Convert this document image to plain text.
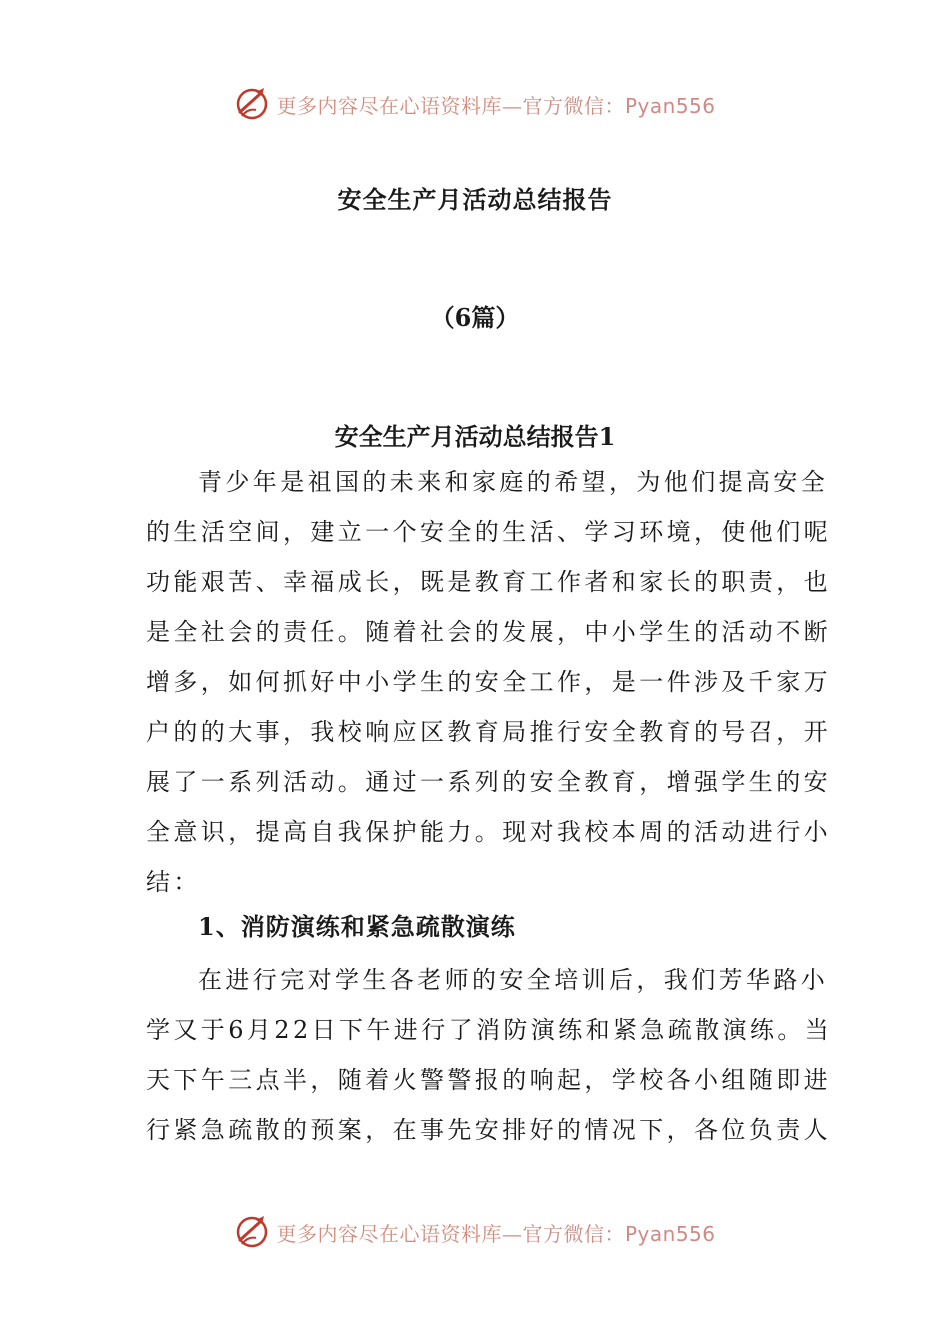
更多内容尽在心语资料库—官方微信：Pyan556
安全生产月活动总结报告
（6篇）
安全生产月活动总结报告1
青少年是祖国的未来和家庭的希望，为他们提高安全
的生活空间，建立一个安全的生活、学习环境，使他们呢
功能艰苦、幸福成长，既是教育工作者和家长的职责，也
是全社会的责任。随着社会的发展，中小学生的活动不断
增多，如何抓好中小学生的安全工作，是一件涉及千家万
户的的大事，我校响应区教育局推行安全教育的号召，开
展了一系列活动。通过一系列的安全教育，增强学生的安
全意识，提高自我保护能力。现对我校本周的活动进行小
结：
1、消防演练和紧急疏散演练
在进行完对学生各老师的安全培训后，我们芳华路小
学又于6月22日下午进行了消防演练和紧急疏散演练。当
天下午三点半，随着火警警报的响起，学校各小组随即进
行紧急疏散的预案，在事先安排好的情况下，各位负责人
更多内容尽在心语资料库—官方微信：Pyan556
